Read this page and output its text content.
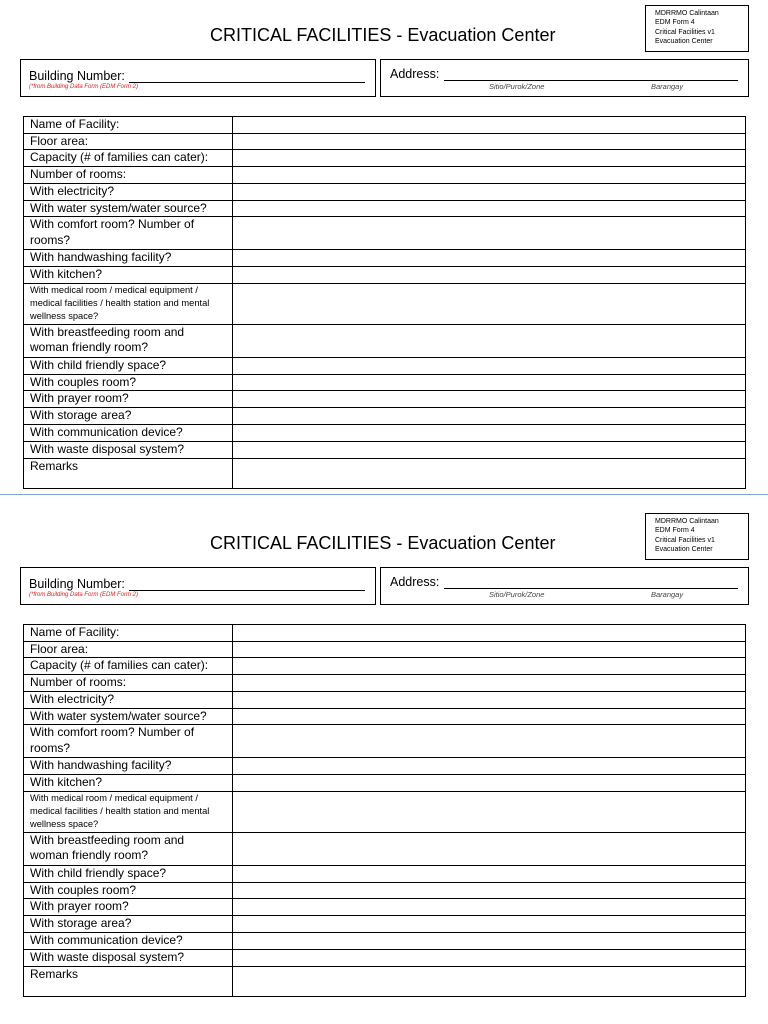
MDRRMO Calintaan
EDM Form 4
Critical Facilities v1
Evacuation Center
CRITICAL FACILITIES - Evacuation Center
Building Number:
(*from Building Data Form (EDM Form 2)
Address:
Sitio/Purok/Zone	Barangay
Name of Facility:	
Floor area:	
Capacity (# of families can cater):	
Number of rooms:	
With electricity?	
With water system/water source?	
With comfort room? Number of rooms?	
With handwashing facility?	
With kitchen?	
With medical room / medical equipment / medical facilities / health station and mental wellness space?	
With breastfeeding room and woman friendly room?	
With child friendly space?	
With couples room?	
With prayer room?	
With storage area?	
With communication device?	
With waste disposal system?	
Remarks	
MDRRMO Calintaan
EDM Form 4
Critical Facilities v1
Evacuation Center
CRITICAL FACILITIES - Evacuation Center
Building Number:
(*from Building Data Form (EDM Form 2)
Address:
Sitio/Purok/Zone	Barangay
Name of Facility:	
Floor area:	
Capacity (# of families can cater):	
Number of rooms:	
With electricity?	
With water system/water source?	
With comfort room? Number of rooms?	
With handwashing facility?	
With kitchen?	
With medical room / medical equipment / medical facilities / health station and mental wellness space?	
With breastfeeding room and woman friendly room?	
With child friendly space?	
With couples room?	
With prayer room?	
With storage area?	
With communication device?	
With waste disposal system?	
Remarks	
